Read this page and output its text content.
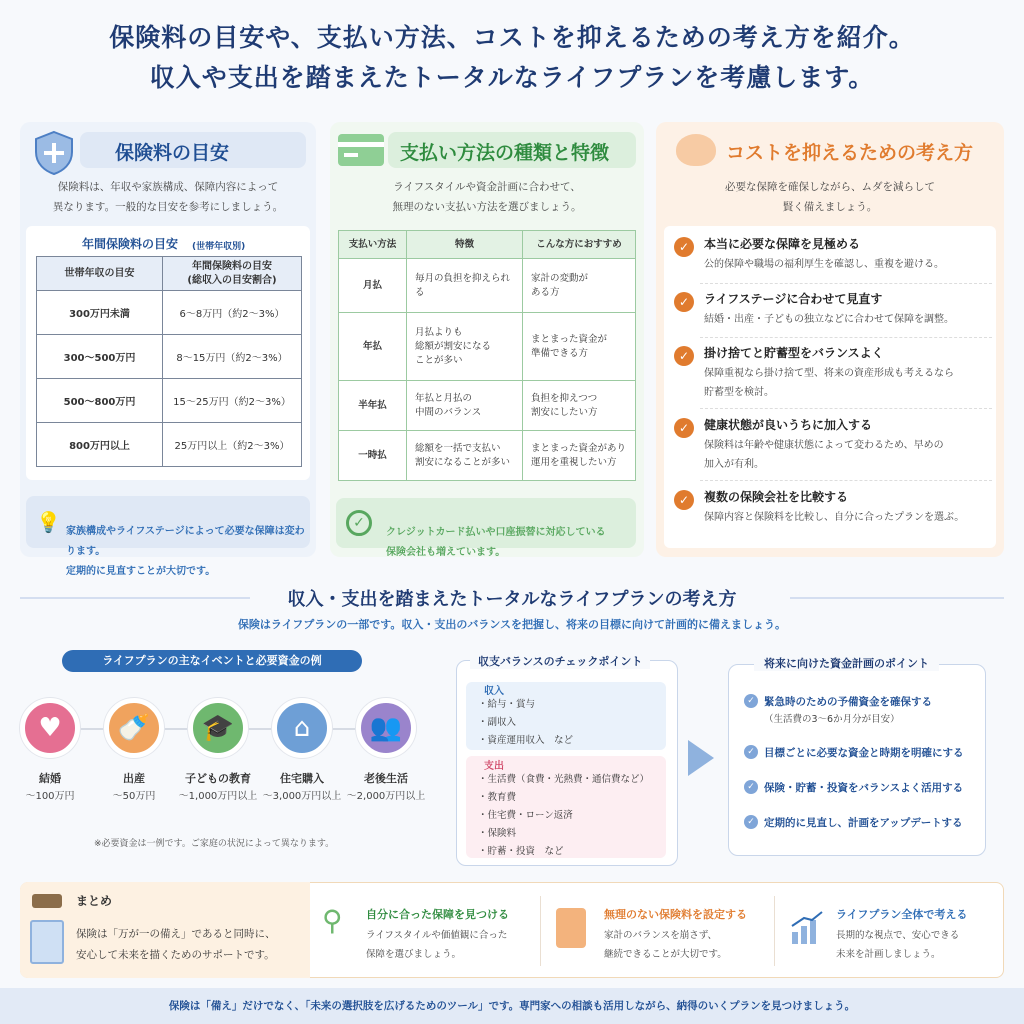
保険料の目安や、支払い方法、コストを抑えるための考え方を紹介。
収入や支出を踏まえたトータルなライフプランを考慮します。
保険料の目安
保険料は、年収や家族構成、保障内容によって
異なります。一般的な目安を参考にしましょう。
年間保険料の目安 (世帯年収別)
世帯年収の目安	年間保険料の目安
(総収入の目安割合)
300万円未満	6〜8万円（約2〜3%）
300〜500万円	8〜15万円（約2〜3%）
500〜800万円	15〜25万円（約2〜3%）
800万円以上	25万円以上（約2〜3%）

家族構成やライフステージによって必要な保障は変わります。
定期的に見直すことが大切です。

💡
支払い方法の種類と特徴
ライフスタイルや資金計画に合わせて、
無理のない支払い方法を選びましょう。
支払い方法	特徴	こんな方におすすめ
月払	毎月の負担を抑えられる	家計の変動が
ある方
年払	月払よりも
総額が割安になる
ことが多い	まとまった資金が
準備できる方
半年払	年払と月払の
中間のバランス	負担を抑えつつ
割安にしたい方
一時払	総額を一括で支払い
割安になることが多い	まとまった資金があり
運用を重視したい方

クレジットカード払いや口座振替に対応している
保険会社も増えています。

✓
コストを抑えるための考え方
必要な保障を確保しながら、ムダを減らして
賢く備えましょう。
✓	本当に必要な保障を見極める
公的保障や職場の福利厚生を確認し、重複を避ける。
✓	ライフステージに合わせて見直す
結婚・出産・子どもの独立などに合わせて保障を調整。
✓	掛け捨てと貯蓄型をバランスよく
保障重視なら掛け捨て型、将来の資産形成も考えるなら
貯蓄型を検討。
✓	健康状態が良いうちに加入する
保険料は年齢や健康状態によって変わるため、早めの
加入が有利。
✓	複数の保険会社を比較する
保障内容と保険料を比較し、自分に合ったプランを選ぶ。
収入・支出を踏まえたトータルなライフプランの考え方
保険はライフプランの一部です。収入・支出のバランスを把握し、将来の目標に向けて計画的に備えましょう。
ライフプランの主なイベントと必要資金の例
♥	🍼	🎓	⌂	👥
結婚
〜100万円
出産
〜50万円
子どもの教育
〜1,000万円以上
住宅購入
〜3,000万円以上
老後生活
〜2,000万円以上
※必要資金は一例です。ご家庭の状況によって異なります。
収支バランスのチェックポイント
収入
・給与・賞与
・副収入
・資産運用収入　など
支出
・生活費（食費・光熱費・通信費など）
・教育費
・住宅費・ローン返済
・保険料
・貯蓄・投資　など
将来に向けた資金計画のポイント
✓ 緊急時のための予備資金を確保する
（生活費の3〜6か月分が目安）
✓ 目標ごとに必要な資金と時期を明確にする
✓ 保険・貯蓄・投資をバランスよく活用する
✓ 定期的に見直し、計画をアップデートする
まとめ
保険は「万が一の備え」であると同時に、
安心して未来を描くためのサポートです。
⚲ 自分に合った保障を見つける
ライフスタイルや価値観に合った
保障を選びましょう。
無理のない保険料を設定する
家計のバランスを崩さず、
継続できることが大切です。
ライフプラン全体で考える
長期的な視点で、安心できる
未来を計画しましょう。
保険は「備え」だけでなく、「未来の選択肢を広げるためのツール」です。専門家への相談も活用しながら、納得のいくプランを見つけましょう。
